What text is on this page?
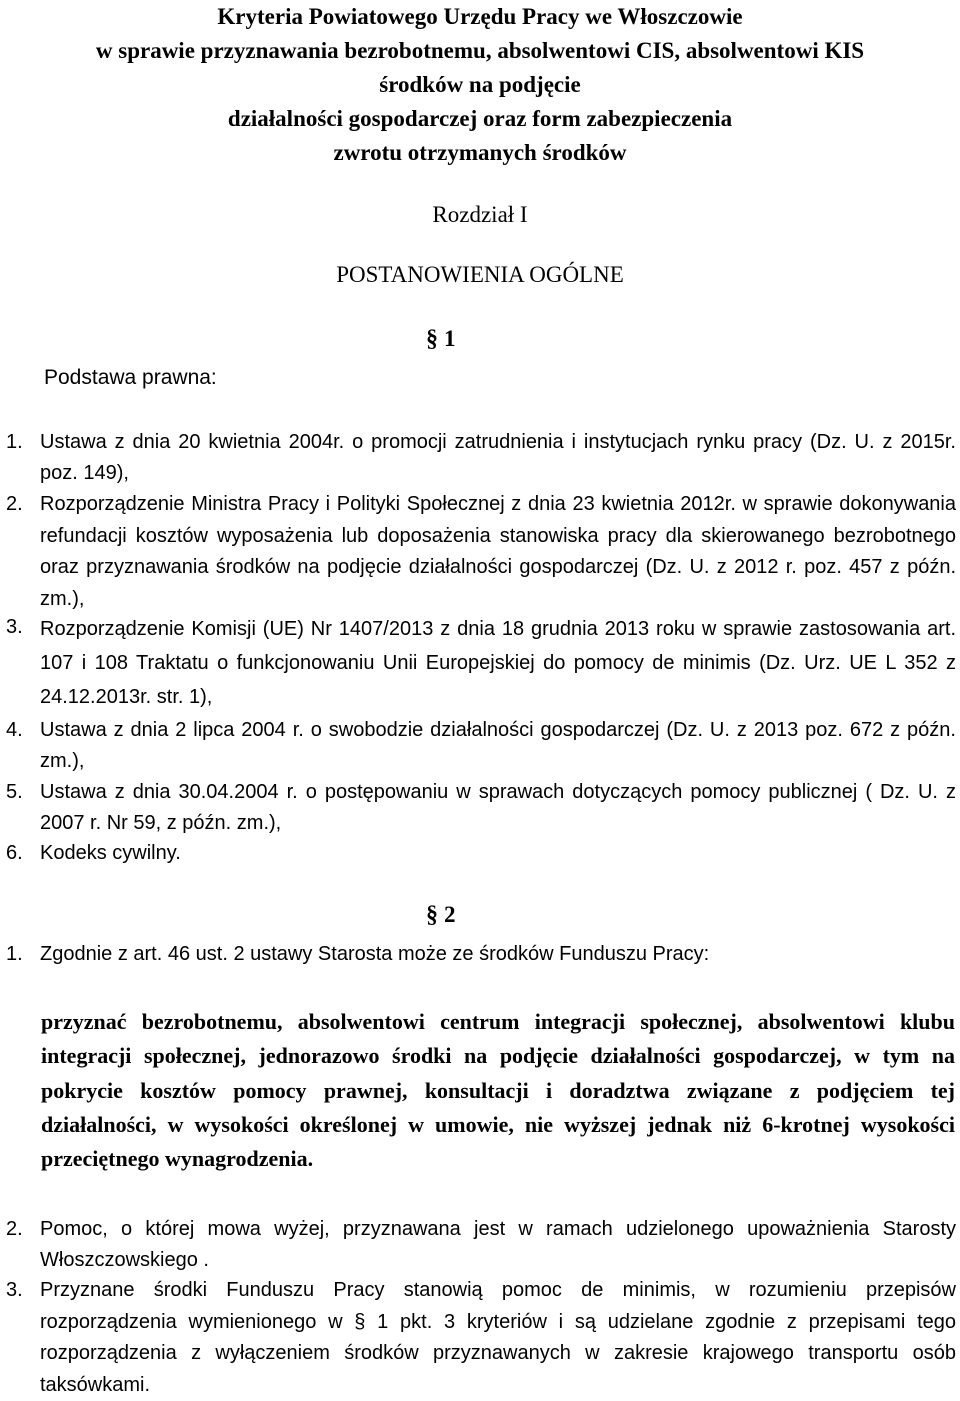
Kryteria Powiatowego Urzędu Pracy we Włoszczowie
w sprawie przyznawania bezrobotnemu, absolwentowi CIS, absolwentowi KIS
środków na podjęcie
działalności gospodarczej oraz form zabezpieczenia
zwrotu otrzymanych środków
Rozdział I
POSTANOWIENIA OGÓLNE
§ 1
Podstawa prawna:
1. Ustawa z dnia 20 kwietnia 2004r. o promocji zatrudnienia i instytucjach rynku pracy (Dz. U. z 2015r. poz. 149),
2. Rozporządzenie Ministra Pracy i Polityki Społecznej z dnia 23 kwietnia 2012r. w sprawie dokonywania refundacji kosztów wyposażenia lub doposażenia stanowiska pracy dla skierowanego bezrobotnego oraz przyznawania środków na podjęcie działalności gospodarczej (Dz. U. z 2012 r. poz. 457 z późn. zm.),
3. Rozporządzenie Komisji (UE) Nr 1407/2013 z dnia 18 grudnia 2013 roku w sprawie zastosowania art. 107 i 108 Traktatu o funkcjonowaniu Unii Europejskiej do pomocy de minimis (Dz. Urz. UE L 352 z 24.12.2013r. str. 1),
4. Ustawa z dnia 2 lipca 2004 r. o swobodzie działalności gospodarczej (Dz. U. z 2013 poz. 672 z późn. zm.),
5. Ustawa z dnia 30.04.2004 r. o postępowaniu w sprawach dotyczących pomocy publicznej ( Dz. U. z 2007 r. Nr 59, z późn. zm.),
6. Kodeks cywilny.
§ 2
1. Zgodnie z art. 46 ust. 2 ustawy Starosta może ze środków Funduszu Pracy:
przyznać bezrobotnemu, absolwentowi centrum integracji społecznej, absolwentowi klubu integracji społecznej, jednorazowo środki na podjęcie działalności gospodarczej, w tym na pokrycie kosztów pomocy prawnej, konsultacji i doradztwa związane z podjęciem tej działalności, w wysokości określonej w umowie, nie wyższej jednak niż 6-krotnej wysokości przeciętnego wynagrodzenia.
2. Pomoc, o której mowa wyżej, przyznawana jest w ramach udzielonego upoważnienia Starosty Włoszczowskiego .
3. Przyznane środki Funduszu Pracy stanowią pomoc de minimis, w rozumieniu przepisów rozporządzenia wymienionego w § 1 pkt. 3 kryteriów i są udzielane zgodnie z przepisami tego rozporządzenia z wyłączeniem środków przyznawanych w zakresie krajowego transportu osób taksówkami.
